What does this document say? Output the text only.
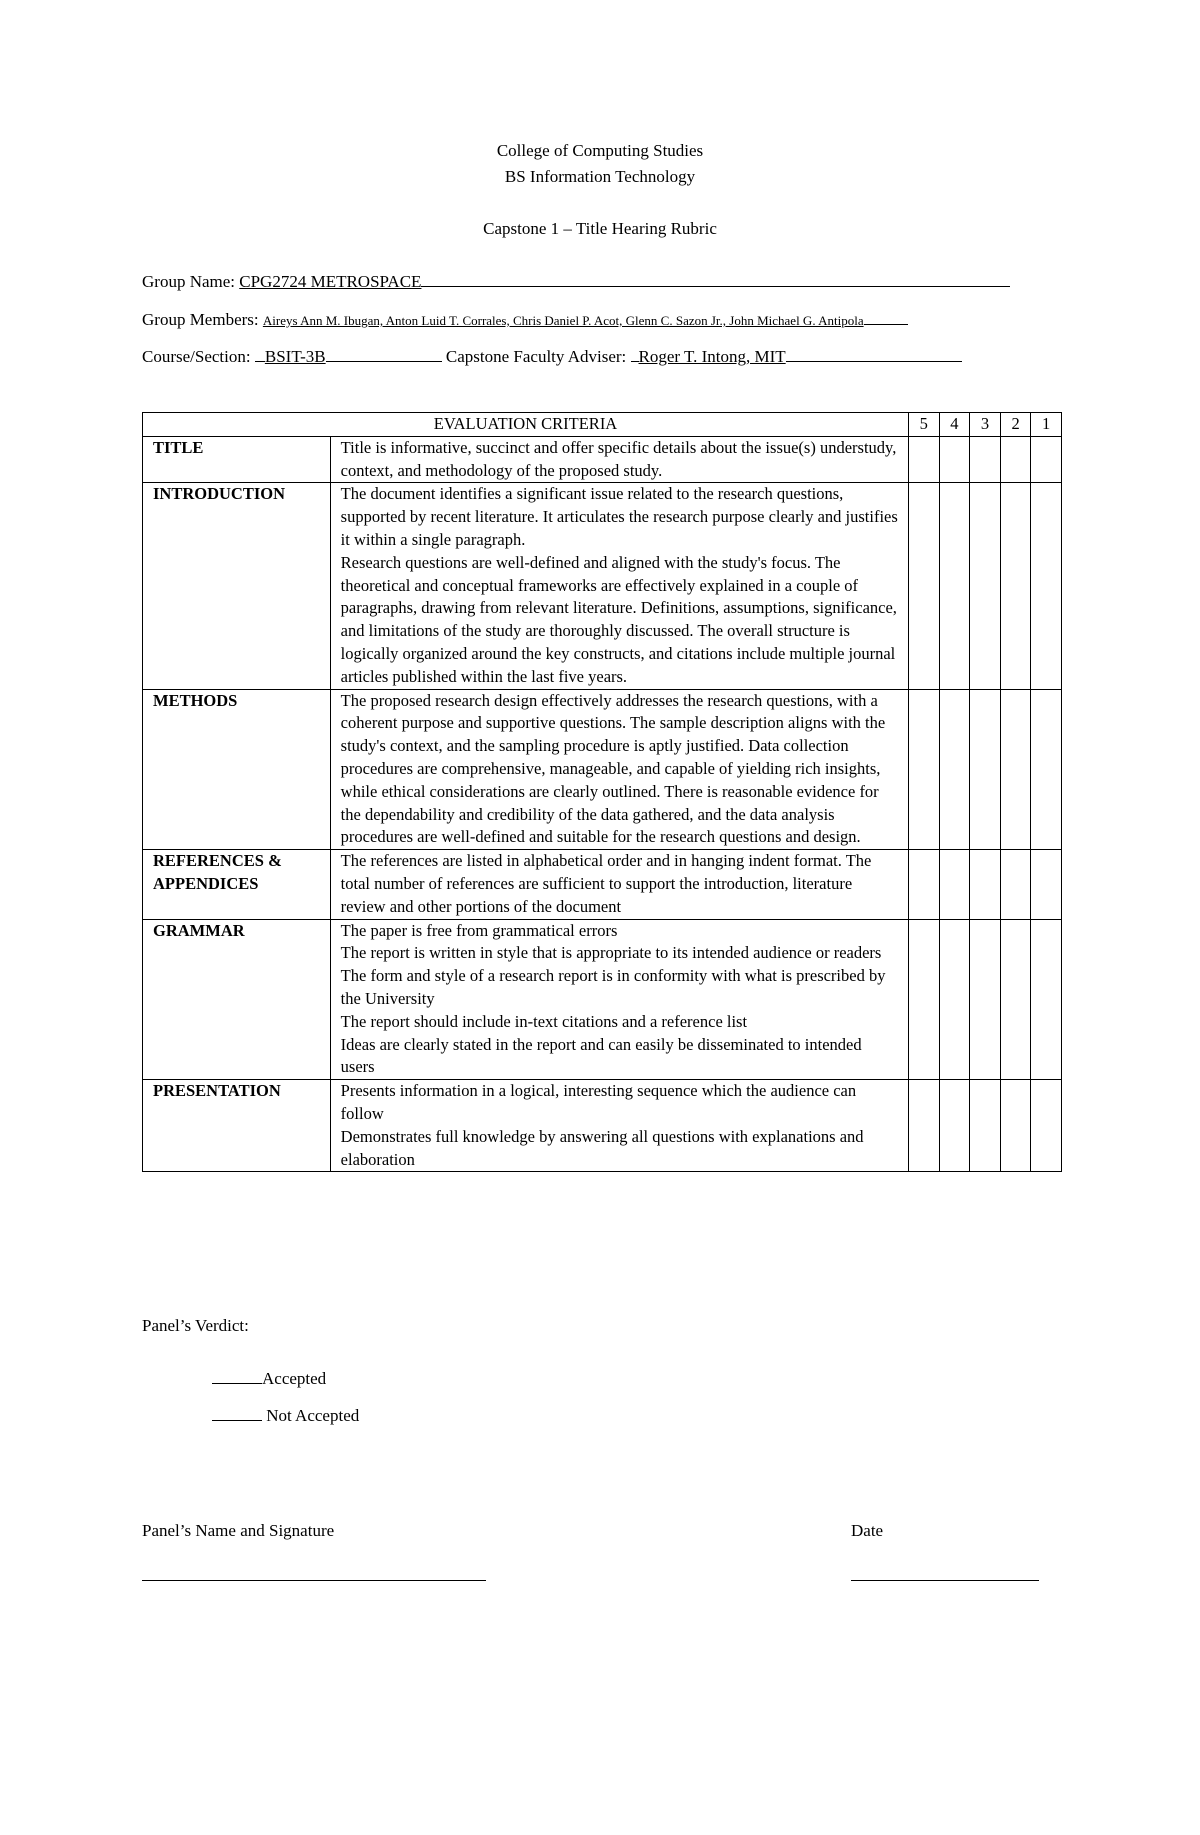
College of Computing Studies
BS Information Technology
Capstone 1 – Title Hearing Rubric
Group Name: CPG2724 METROSPACE
Group Members: Aireys Ann M. Ibugan, Anton Luid T. Corrales, Chris Daniel P. Acot, Glenn C. Sazon Jr., John Michael G. Antipola
Course/Section: BSIT-3B	Capstone Faculty Adviser: Roger T. Intong, MIT
EVALUATION CRITERIA		5	4	3	2	1
TITLE	Title is informative, succinct and offer specific details about the issue(s) understudy, context, and methodology of the proposed study.					
INTRODUCTION	The document identifies a significant issue related to the research questions, supported by recent literature. It articulates the research purpose clearly and justifies it within a single paragraph.
Research questions are well-defined and aligned with the study's focus. The theoretical and conceptual frameworks are effectively explained in a couple of paragraphs, drawing from relevant literature. Definitions, assumptions, significance, and limitations of the study are thoroughly discussed. The overall structure is logically organized around the key constructs, and citations include multiple journal articles published within the last five years.					
METHODS	The proposed research design effectively addresses the research questions, with a coherent purpose and supportive questions. The sample description aligns with the study's context, and the sampling procedure is aptly justified. Data collection procedures are comprehensive, manageable, and capable of yielding rich insights, while ethical considerations are clearly outlined. There is reasonable evidence for the dependability and credibility of the data gathered, and the data analysis procedures are well-defined and suitable for the research questions and design.					
REFERENCES & APPENDICES	The references are listed in alphabetical order and in hanging indent format. The total number of references are sufficient to support the introduction, literature review and other portions of the document					
GRAMMAR	The paper is free from grammatical errors
The report is written in style that is appropriate to its intended audience or readers
The form and style of a research report is in conformity with what is prescribed by the University
The report should include in-text citations and a reference list
Ideas are clearly stated in the report and can easily be disseminated to intended users					
PRESENTATION	Presents information in a logical, interesting sequence which the audience can follow
Demonstrates full knowledge by answering all questions with explanations and elaboration					
Panel’s Verdict:
Accepted
Not Accepted
Panel’s Name and Signature	Date
